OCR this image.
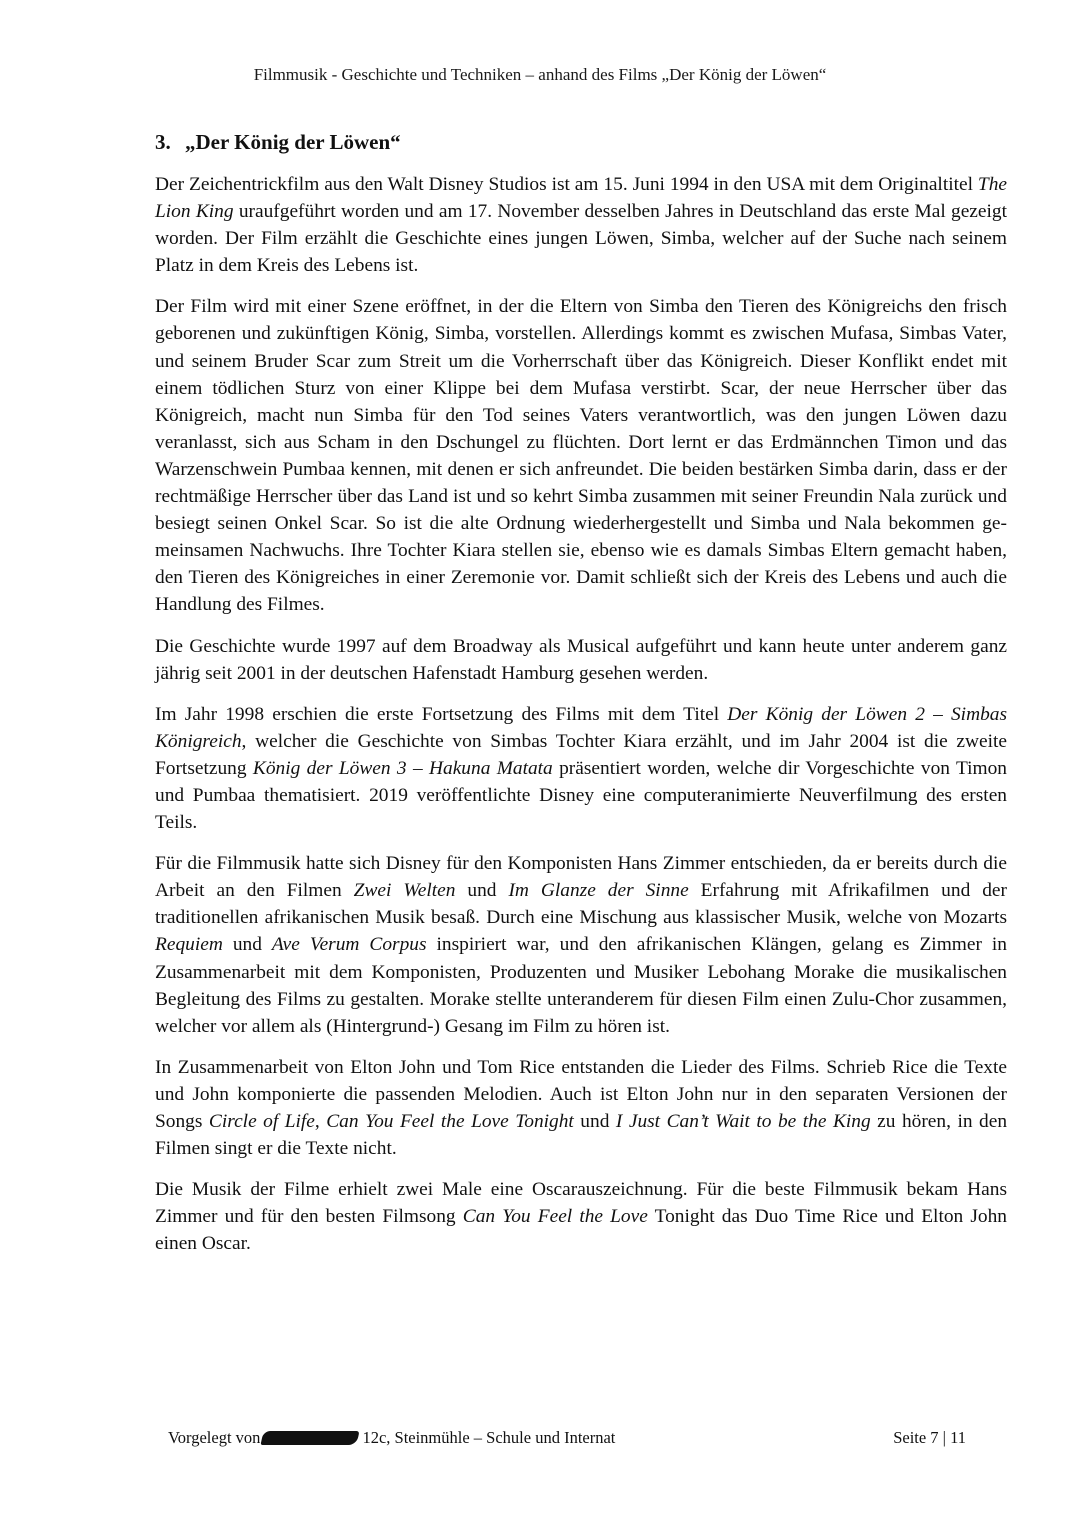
Filmmusik - Geschichte und Techniken – anhand des Films „Der König der Löwen“
3. „Der König der Löwen“

Der Zeichentrickfilm aus den Walt Disney Studios ist am 15. Juni 1994 in den USA mit dem Originaltitel The Lion King uraufgeführt worden und am 17. November desselben Jahres in Deutschland das erste Mal gezeigt worden. Der Film erzählt die Geschichte eines jungen Löwen, Simba, welcher auf der Suche nach seinem Platz in dem Kreis des Lebens ist.

Der Film wird mit einer Szene eröffnet, in der die Eltern von Simba den Tieren des Königreichs den frisch geborenen und zukünftigen König, Simba, vorstellen. Allerdings kommt es zwischen Mufasa, Simbas Vater, und seinem Bruder Scar zum Streit um die Vorherrschaft über das Königreich. Dieser Konflikt endet mit einem tödlichen Sturz von einer Klippe bei dem Mufasa verstirbt. Scar, der neue Herrscher über das Königreich, macht nun Simba für den Tod seines Vaters verantwortlich, was den jungen Löwen dazu veranlasst, sich aus Scham in den Dschungel zu flüchten. Dort lernt er das Erdmännchen Timon und das Warzenschwein Pumbaa kennen, mit denen er sich anfreundet. Die beiden bestärken Simba darin, dass er der rechtmäßige Herrscher über das Land ist und so kehrt Simba zusammen mit seiner Freundin Nala zurück und besiegt seinen Onkel Scar. So ist die alte Ordnung wiederhergestellt und Simba und Nala bekommen gemeinsamen Nachwuchs. Ihre Tochter Kiara stellen sie, ebenso wie es damals Simbas Eltern gemacht haben, den Tieren des Königreiches in einer Zeremonie vor. Damit schließt sich der Kreis des Lebens und auch die Handlung des Filmes.

Die Geschichte wurde 1997 auf dem Broadway als Musical aufgeführt und kann heute unter anderem ganz jährig seit 2001 in der deutschen Hafenstadt Hamburg gesehen werden.

Im Jahr 1998 erschien die erste Fortsetzung des Films mit dem Titel Der König der Löwen 2 – Simbas Königreich, welcher die Geschichte von Simbas Tochter Kiara erzählt, und im Jahr 2004 ist die zweite Fortsetzung König der Löwen 3 – Hakuna Matata präsentiert worden, welche dir Vorgeschichte von Timon und Pumbaa thematisiert. 2019 veröffentlichte Disney eine computeranimierte Neuverfilmung des ersten Teils.

Für die Filmmusik hatte sich Disney für den Komponisten Hans Zimmer entschieden, da er bereits durch die Arbeit an den Filmen Zwei Welten und Im Glanze der Sinne Erfahrung mit Afrikafilmen und der traditionellen afrikanischen Musik besaß. Durch eine Mischung aus klassischer Musik, welche von Mozarts Requiem und Ave Verum Corpus inspiriert war, und den afrikanischen Klängen, gelang es Zimmer in Zusammenarbeit mit dem Komponisten, Produzenten und Musiker Lebohang Morake die musikalischen Begleitung des Films zu gestalten. Morake stellte unteranderem für diesen Film einen Zulu-Chor zusammen, welcher vor allem als (Hintergrund-) Gesang im Film zu hören ist.

In Zusammenarbeit von Elton John und Tom Rice entstanden die Lieder des Films. Schrieb Rice die Texte und John komponierte die passenden Melodien. Auch ist Elton John nur in den separaten Versionen der Songs Circle of Life, Can You Feel the Love Tonight und I Just Can’t Wait to be the King zu hören, in den Filmen singt er die Texte nicht.

Die Musik der Filme erhielt zwei Male eine Oscarauszeichnung. Für die beste Filmmusik bekam Hans Zimmer und für den besten Filmsong Can You Feel the Love Tonight das Duo Time Rice und Elton John einen Oscar.

Vorgelegt von	12c, Steinmühle – Schule und Internat	Seite 7 | 11
